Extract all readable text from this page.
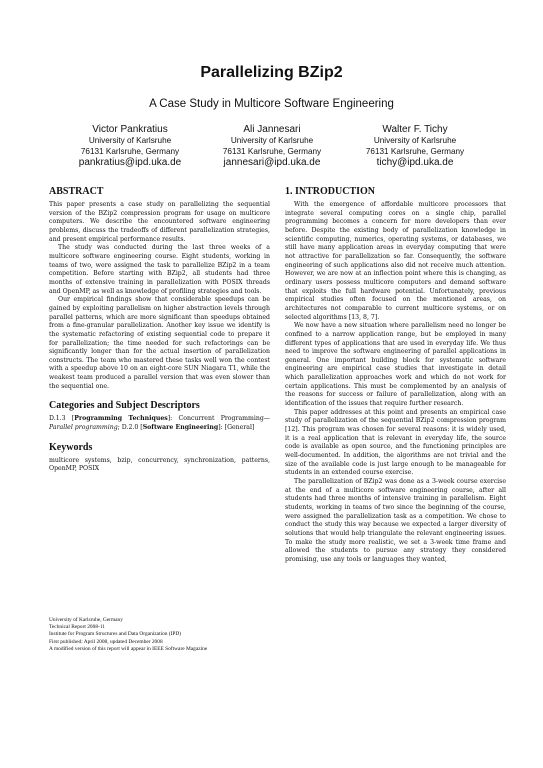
Parallelizing BZip2
A Case Study in Multicore Software Engineering
Victor Pankratius
University of Karlsruhe
76131 Karlsruhe, Germany
pankratius@ipd.uka.de
Ali Jannesari
University of Karlsruhe
76131 Karlsruhe, Germany
jannesari@ipd.uka.de
Walter F. Tichy
University of Karlsruhe
76131 Karlsruhe, Germany
tichy@ipd.uka.de
ABSTRACT

This paper presents a case study on parallelizing the sequential version of the BZip2 compression program for usage on multicore computers. We describe the encountered software engineering problems, discuss the tradeoffs of different parallelization strategies, and present empirical performance results.

The study was conducted during the last three weeks of a multicore software engineering course. Eight students, working in teams of two, were assigned the task to parallelize BZip2 in a team competition. Before starting with BZip2, all students had three months of extensive training in parallelization with POSIX threads and OpenMP, as well as knowledge of profiling strategies and tools.

Our empirical findings show that considerable speedups can be gained by exploiting parallelism on higher abstraction levels through parallel patterns, which are more significant than speedups obtained from a fine-granular parallelization. Another key issue we identify is the systematic refactoring of existing sequential code to prepare it for parallelization; the time needed for such refactorings can be significantly longer than for the actual insertion of parallelization constructs. The team who mastered these tasks well won the contest with a speedup above 10 on an eight-core SUN Niagara T1, while the weakest team produced a parallel version that was even slower than the sequential one.

Categories and Subject Descriptors

D.1.3 [Programming Techniques]: Concurrent Programming—Parallel programming; D.2.0 [Software Engineering]: [General]

Keywords

multicore systems, bzip, concurrency, synchronization, patterns, OpenMP, POSIX

University of Karlsruhe, Germany
Technical Report 2008-11
Institute for Program Structures and Data Organization (IPD)
First published: April 2008, updated December 2008
A modified version of this report will appear in IEEE Software Magazine
1. INTRODUCTION

With the emergence of affordable multicore processors that integrate several computing cores on a single chip, parallel programming becomes a concern for more developers than ever before. Despite the existing body of parallelization knowledge in scientific computing, numerics, operating systems, or databases, we still have many application areas in everyday computing that were not attractive for parallelization so far. Consequently, the software engineering of such applications also did not receive much attention. However, we are now at an inflection point where this is changing, as ordinary users possess multicore computers and demand software that exploits the full hardware potential. Unfortunately, previous empirical studies often focused on the mentioned areas, on architectures not comparable to current multicore systems, or on selected algorithms [13, 8, 7].

We now have a new situation where parallelism need no longer be confined to a narrow application range, but be employed in many different types of applications that are used in everyday life. We thus need to improve the software engineering of parallel applications in general. One important building block for systematic software engineering are empirical case studies that investigate in detail which parallelization approaches work and which do not work for certain applications. This must be complemented by an analysis of the reasons for success or failure of parallelization, along with an identification of the issues that require further research.

This paper addresses at this point and presents an empirical case study of parallelization of the sequential BZip2 compression program [12]. This program was chosen for several reasons: it is widely used, it is a real application that is relevant in everyday life, the source code is available as open source, and the functioning principles are well-documented. In addition, the algorithms are not trivial and the size of the available code is just large enough to be manageable for students in an extended course exercise.

The parallelization of BZip2 was done as a 3-week course exercise at the end of a multicore software engineering course, after all students had three months of intensive training in parallelism. Eight students, working in teams of two since the beginning of the course, were assigned the parallelization task as a competition. We chose to conduct the study this way because we expected a larger diversity of solutions that would help triangulate the relevant engineering issues. To make the study more realistic, we set a 3-week time frame and allowed the students to pursue any strategy they considered promising, use any tools or languages they wanted,
